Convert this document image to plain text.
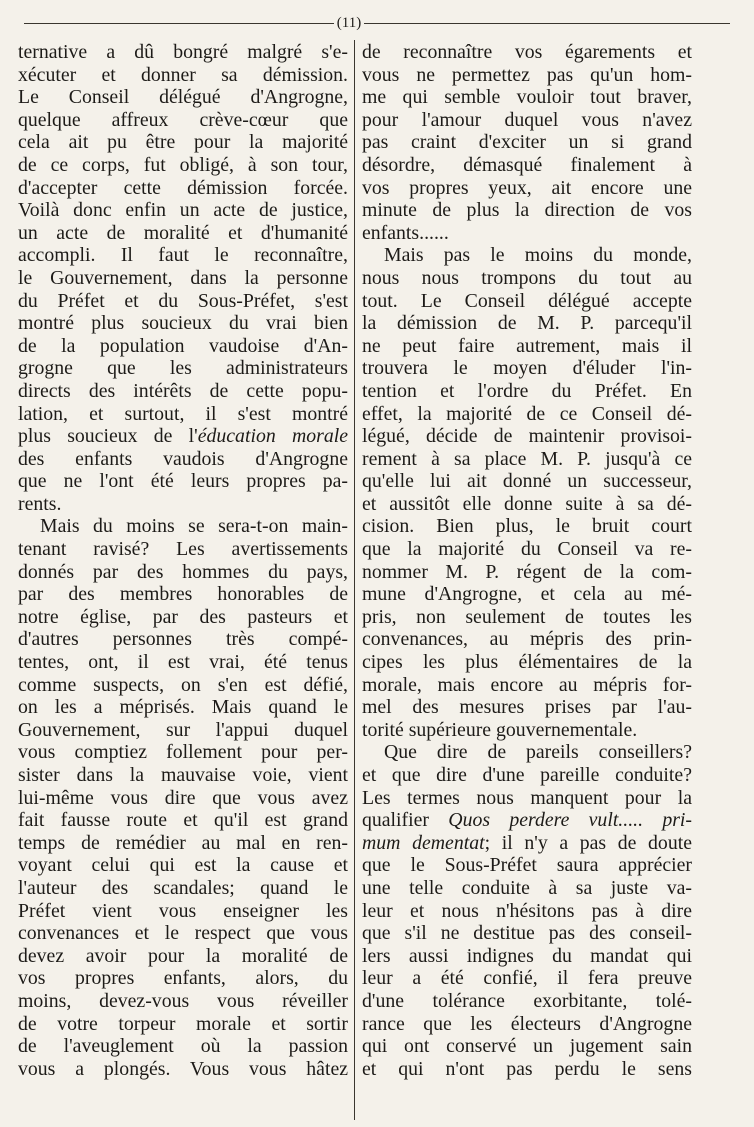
(11)
ternative a dû bongré malgré s'e-
xécuter et donner sa démission.
Le Conseil délégué d'Angrogne,
quelque affreux crève-cœur que
cela ait pu être pour la majorité
de ce corps, fut obligé, à son tour,
d'accepter cette démission forcée.
Voilà donc enfin un acte de justice,
un acte de moralité et d'humanité
accompli. Il faut le reconnaître,
le Gouvernement, dans la personne
du Préfet et du Sous-Préfet, s'est
montré plus soucieux du vrai bien
de la population vaudoise d'An-
grogne que les administrateurs
directs des intérêts de cette popu-
lation, et surtout, il s'est montré
plus soucieux de l'éducation morale
des enfants vaudois d'Angrogne
que ne l'ont été leurs propres pa-
rents.
Mais du moins se sera-t-on main-
tenant ravisé? Les avertissements
donnés par des hommes du pays,
par des membres honorables de
notre église, par des pasteurs et
d'autres personnes très compé-
tentes, ont, il est vrai, été tenus
comme suspects, on s'en est défié,
on les a méprisés. Mais quand le
Gouvernement, sur l'appui duquel
vous comptiez follement pour per-
sister dans la mauvaise voie, vient
lui-même vous dire que vous avez
fait fausse route et qu'il est grand
temps de remédier au mal en ren-
voyant celui qui est la cause et
l'auteur des scandales; quand le
Préfet vient vous enseigner les
convenances et le respect que vous
devez avoir pour la moralité de
vos propres enfants, alors, du
moins, devez-vous vous réveiller
de votre torpeur morale et sortir
de l'aveuglement où la passion
vous a plongés. Vous vous hâtez
de reconnaître vos égarements et
vous ne permettez pas qu'un hom-
me qui semble vouloir tout braver,
pour l'amour duquel vous n'avez
pas craint d'exciter un si grand
désordre, démasqué finalement à
vos propres yeux, ait encore une
minute de plus la direction de vos
enfants......
Mais pas le moins du monde,
nous nous trompons du tout au
tout. Le Conseil délégué accepte
la démission de M. P. parcequ'il
ne peut faire autrement, mais il
trouvera le moyen d'éluder l'in-
tention et l'ordre du Préfet. En
effet, la majorité de ce Conseil dé-
légué, décide de maintenir provisoi-
rement à sa place M. P. jusqu'à ce
qu'elle lui ait donné un successeur,
et aussitôt elle donne suite à sa dé-
cision. Bien plus, le bruit court
que la majorité du Conseil va re-
nommer M. P. régent de la com-
mune d'Angrogne, et cela au mé-
pris, non seulement de toutes les
convenances, au mépris des prin-
cipes les plus élémentaires de la
morale, mais encore au mépris for-
mel des mesures prises par l'au-
torité supérieure gouvernementale.
Que dire de pareils conseillers?
et que dire d'une pareille conduite?
Les termes nous manquent pour la
qualifier Quos perdere vult..... pri-
mum dementat; il n'y a pas de doute
que le Sous-Préfet saura apprécier
une telle conduite à sa juste va-
leur et nous n'hésitons pas à dire
que s'il ne destitue pas des conseil-
lers aussi indignes du mandat qui
leur a été confié, il fera preuve
d'une tolérance exorbitante, tolé-
rance que les électeurs d'Angrogne
qui ont conservé un jugement sain
et qui n'ont pas perdu le sens
